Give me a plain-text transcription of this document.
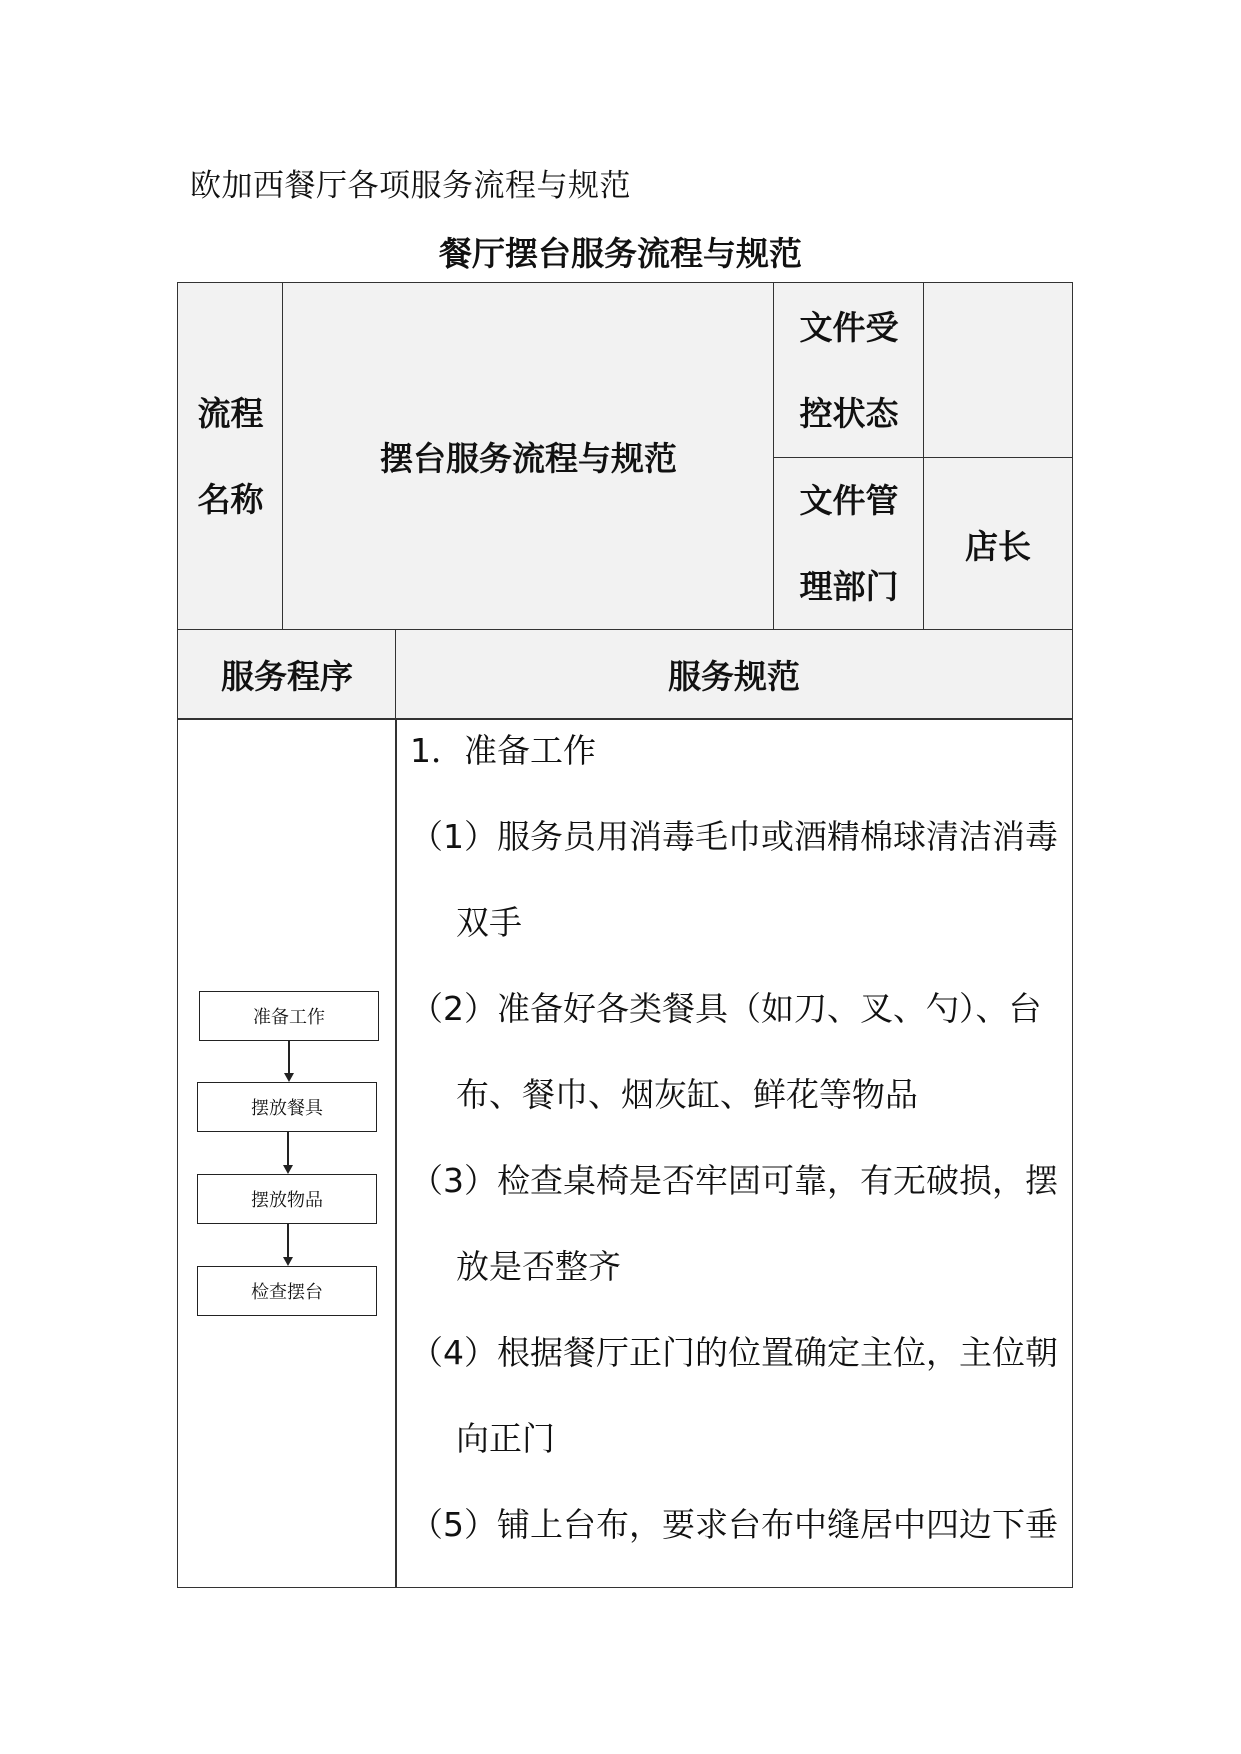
欧加西餐厅各项服务流程与规范
餐厅摆台服务流程与规范
流程
名称
摆台服务流程与规范
文件受
控状态
文件管
理部门
店长
服务程序	服务规范
准备工作
摆放餐具
摆放物品
检查摆台

1．准备工作

（1）服务员用消毒毛巾或酒精棉球清洁消毒

双手

（2）准备好各类餐具（如刀、叉、勺）、台

布、餐巾、烟灰缸、鲜花等物品

（3）检查桌椅是否牢固可靠，有无破损，摆

放是否整齐

（4）根据餐厅正门的位置确定主位，主位朝

向正门

（5）铺上台布，要求台布中缝居中四边下垂
